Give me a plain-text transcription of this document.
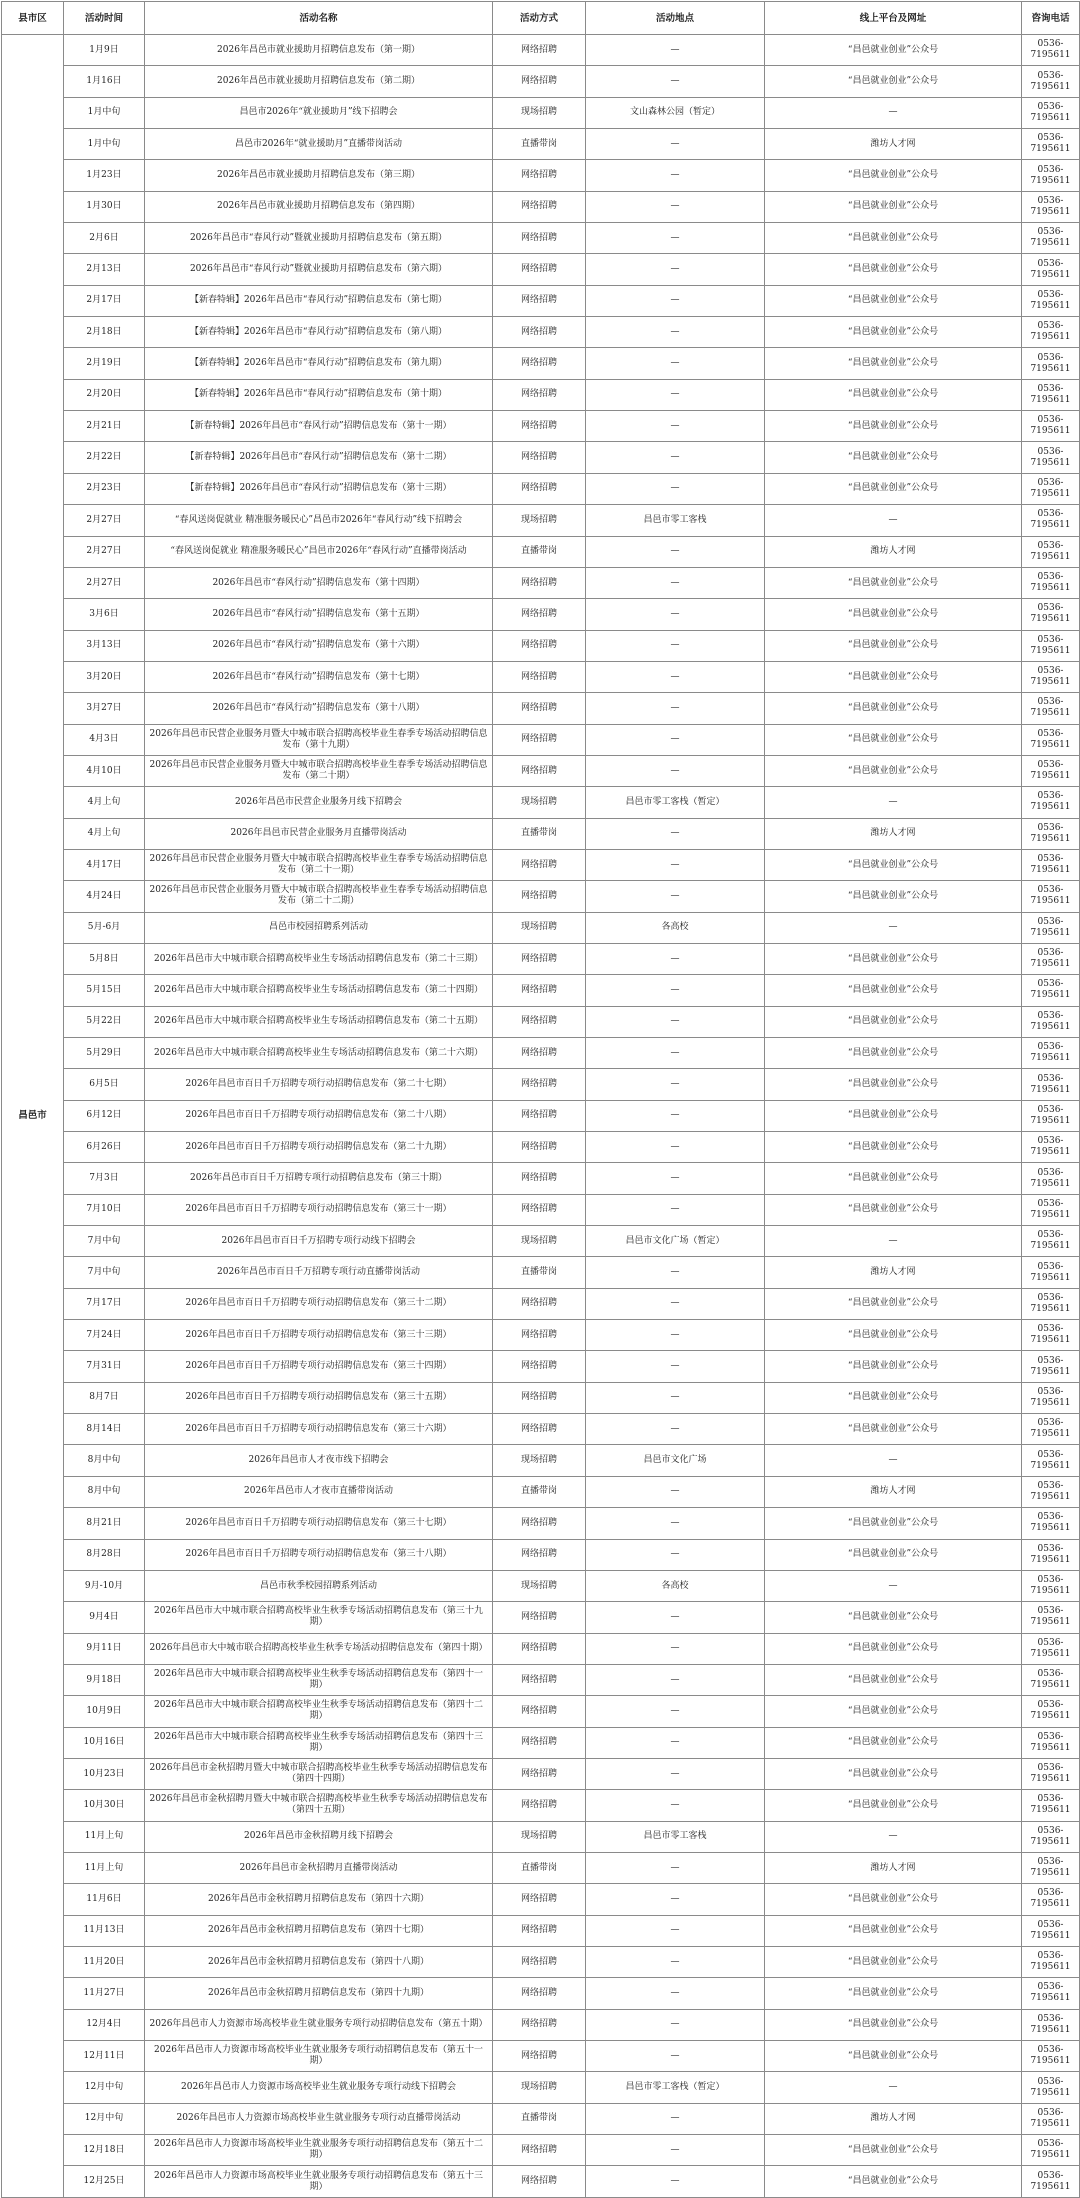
县市区	活动时间	活动名称	活动方式	活动地点	线上平台及网址	咨询电话
昌邑市	1月9日	2026年昌邑市就业援助月招聘信息发布（第一期）	网络招聘	—	“昌邑就业创业”公众号	0536-7195611
	1月16日	2026年昌邑市就业援助月招聘信息发布（第二期）	网络招聘	—	“昌邑就业创业”公众号	0536-7195611
	1月中旬	昌邑市2026年“就业援助月”线下招聘会	现场招聘	文山森林公园（暂定）	—	0536-7195611
	1月中旬	昌邑市2026年“就业援助月”直播带岗活动	直播带岗	—	潍坊人才网	0536-7195611
	1月23日	2026年昌邑市就业援助月招聘信息发布（第三期）	网络招聘	—	“昌邑就业创业”公众号	0536-7195611
	1月30日	2026年昌邑市就业援助月招聘信息发布（第四期）	网络招聘	—	“昌邑就业创业”公众号	0536-7195611
	2月6日	2026年昌邑市“春风行动”暨就业援助月招聘信息发布（第五期）	网络招聘	—	“昌邑就业创业”公众号	0536-7195611
	2月13日	2026年昌邑市“春风行动”暨就业援助月招聘信息发布（第六期）	网络招聘	—	“昌邑就业创业”公众号	0536-7195611
	2月17日	【新春特辑】2026年昌邑市“春风行动”招聘信息发布（第七期）	网络招聘	—	“昌邑就业创业”公众号	0536-7195611
	2月18日	【新春特辑】2026年昌邑市“春风行动”招聘信息发布（第八期）	网络招聘	—	“昌邑就业创业”公众号	0536-7195611
	2月19日	【新春特辑】2026年昌邑市“春风行动”招聘信息发布（第九期）	网络招聘	—	“昌邑就业创业”公众号	0536-7195611
	2月20日	【新春特辑】2026年昌邑市“春风行动”招聘信息发布（第十期）	网络招聘	—	“昌邑就业创业”公众号	0536-7195611
	2月21日	【新春特辑】2026年昌邑市“春风行动”招聘信息发布（第十一期）	网络招聘	—	“昌邑就业创业”公众号	0536-7195611
	2月22日	【新春特辑】2026年昌邑市“春风行动”招聘信息发布（第十二期）	网络招聘	—	“昌邑就业创业”公众号	0536-7195611
	2月23日	【新春特辑】2026年昌邑市“春风行动”招聘信息发布（第十三期）	网络招聘	—	“昌邑就业创业”公众号	0536-7195611
	2月27日	“春风送岗促就业 精准服务暖民心”昌邑市2026年“春风行动”线下招聘会	现场招聘	昌邑市零工客栈	—	0536-7195611
	2月27日	“春风送岗促就业 精准服务暖民心”昌邑市2026年“春风行动”直播带岗活动	直播带岗	—	潍坊人才网	0536-7195611
	2月27日	2026年昌邑市“春风行动”招聘信息发布（第十四期）	网络招聘	—	“昌邑就业创业”公众号	0536-7195611
	3月6日	2026年昌邑市“春风行动”招聘信息发布（第十五期）	网络招聘	—	“昌邑就业创业”公众号	0536-7195611
	3月13日	2026年昌邑市“春风行动”招聘信息发布（第十六期）	网络招聘	—	“昌邑就业创业”公众号	0536-7195611
	3月20日	2026年昌邑市“春风行动”招聘信息发布（第十七期）	网络招聘	—	“昌邑就业创业”公众号	0536-7195611
	3月27日	2026年昌邑市“春风行动”招聘信息发布（第十八期）	网络招聘	—	“昌邑就业创业”公众号	0536-7195611
	4月3日	2026年昌邑市民营企业服务月暨大中城市联合招聘高校毕业生春季专场活动招聘信息发布（第十九期）	网络招聘	—	“昌邑就业创业”公众号	0536-7195611
	4月10日	2026年昌邑市民营企业服务月暨大中城市联合招聘高校毕业生春季专场活动招聘信息发布（第二十期）	网络招聘	—	“昌邑就业创业”公众号	0536-7195611
	4月上旬	2026年昌邑市民营企业服务月线下招聘会	现场招聘	昌邑市零工客栈（暂定）	—	0536-7195611
	4月上旬	2026年昌邑市民营企业服务月直播带岗活动	直播带岗	—	潍坊人才网	0536-7195611
	4月17日	2026年昌邑市民营企业服务月暨大中城市联合招聘高校毕业生春季专场活动招聘信息发布（第二十一期）	网络招聘	—	“昌邑就业创业”公众号	0536-7195611
	4月24日	2026年昌邑市民营企业服务月暨大中城市联合招聘高校毕业生春季专场活动招聘信息发布（第二十二期）	网络招聘	—	“昌邑就业创业”公众号	0536-7195611
	5月-6月	昌邑市校园招聘系列活动	现场招聘	各高校	—	0536-7195611
	5月8日	2026年昌邑市大中城市联合招聘高校毕业生专场活动招聘信息发布（第二十三期）	网络招聘	—	“昌邑就业创业”公众号	0536-7195611
	5月15日	2026年昌邑市大中城市联合招聘高校毕业生专场活动招聘信息发布（第二十四期）	网络招聘	—	“昌邑就业创业”公众号	0536-7195611
	5月22日	2026年昌邑市大中城市联合招聘高校毕业生专场活动招聘信息发布（第二十五期）	网络招聘	—	“昌邑就业创业”公众号	0536-7195611
	5月29日	2026年昌邑市大中城市联合招聘高校毕业生专场活动招聘信息发布（第二十六期）	网络招聘	—	“昌邑就业创业”公众号	0536-7195611
	6月5日	2026年昌邑市百日千万招聘专项行动招聘信息发布（第二十七期）	网络招聘	—	“昌邑就业创业”公众号	0536-7195611
	6月12日	2026年昌邑市百日千万招聘专项行动招聘信息发布（第二十八期）	网络招聘	—	“昌邑就业创业”公众号	0536-7195611
	6月26日	2026年昌邑市百日千万招聘专项行动招聘信息发布（第二十九期）	网络招聘	—	“昌邑就业创业”公众号	0536-7195611
	7月3日	2026年昌邑市百日千万招聘专项行动招聘信息发布（第三十期）	网络招聘	—	“昌邑就业创业”公众号	0536-7195611
	7月10日	2026年昌邑市百日千万招聘专项行动招聘信息发布（第三十一期）	网络招聘	—	“昌邑就业创业”公众号	0536-7195611
	7月中旬	2026年昌邑市百日千万招聘专项行动线下招聘会	现场招聘	昌邑市文化广场（暂定）	—	0536-7195611
	7月中旬	2026年昌邑市百日千万招聘专项行动直播带岗活动	直播带岗	—	潍坊人才网	0536-7195611
	7月17日	2026年昌邑市百日千万招聘专项行动招聘信息发布（第三十二期）	网络招聘	—	“昌邑就业创业”公众号	0536-7195611
	7月24日	2026年昌邑市百日千万招聘专项行动招聘信息发布（第三十三期）	网络招聘	—	“昌邑就业创业”公众号	0536-7195611
	7月31日	2026年昌邑市百日千万招聘专项行动招聘信息发布（第三十四期）	网络招聘	—	“昌邑就业创业”公众号	0536-7195611
	8月7日	2026年昌邑市百日千万招聘专项行动招聘信息发布（第三十五期）	网络招聘	—	“昌邑就业创业”公众号	0536-7195611
	8月14日	2026年昌邑市百日千万招聘专项行动招聘信息发布（第三十六期）	网络招聘	—	“昌邑就业创业”公众号	0536-7195611
	8月中旬	2026年昌邑市人才夜市线下招聘会	现场招聘	昌邑市文化广场	—	0536-7195611
	8月中旬	2026年昌邑市人才夜市直播带岗活动	直播带岗	—	潍坊人才网	0536-7195611
	8月21日	2026年昌邑市百日千万招聘专项行动招聘信息发布（第三十七期）	网络招聘	—	“昌邑就业创业”公众号	0536-7195611
	8月28日	2026年昌邑市百日千万招聘专项行动招聘信息发布（第三十八期）	网络招聘	—	“昌邑就业创业”公众号	0536-7195611
	9月-10月	昌邑市秋季校园招聘系列活动	现场招聘	各高校	—	0536-7195611
	9月4日	2026年昌邑市大中城市联合招聘高校毕业生秋季专场活动招聘信息发布（第三十九期）	网络招聘	—	“昌邑就业创业”公众号	0536-7195611
	9月11日	2026年昌邑市大中城市联合招聘高校毕业生秋季专场活动招聘信息发布（第四十期）	网络招聘	—	“昌邑就业创业”公众号	0536-7195611
	9月18日	2026年昌邑市大中城市联合招聘高校毕业生秋季专场活动招聘信息发布（第四十一期）	网络招聘	—	“昌邑就业创业”公众号	0536-7195611
	10月9日	2026年昌邑市大中城市联合招聘高校毕业生秋季专场活动招聘信息发布（第四十二期）	网络招聘	—	“昌邑就业创业”公众号	0536-7195611
	10月16日	2026年昌邑市大中城市联合招聘高校毕业生秋季专场活动招聘信息发布（第四十三期）	网络招聘	—	“昌邑就业创业”公众号	0536-7195611
	10月23日	2026年昌邑市金秋招聘月暨大中城市联合招聘高校毕业生秋季专场活动招聘信息发布（第四十四期）	网络招聘	—	“昌邑就业创业”公众号	0536-7195611
	10月30日	2026年昌邑市金秋招聘月暨大中城市联合招聘高校毕业生秋季专场活动招聘信息发布（第四十五期）	网络招聘	—	“昌邑就业创业”公众号	0536-7195611
	11月上旬	2026年昌邑市金秋招聘月线下招聘会	现场招聘	昌邑市零工客栈	—	0536-7195611
	11月上旬	2026年昌邑市金秋招聘月直播带岗活动	直播带岗	—	潍坊人才网	0536-7195611
	11月6日	2026年昌邑市金秋招聘月招聘信息发布（第四十六期）	网络招聘	—	“昌邑就业创业”公众号	0536-7195611
	11月13日	2026年昌邑市金秋招聘月招聘信息发布（第四十七期）	网络招聘	—	“昌邑就业创业”公众号	0536-7195611
	11月20日	2026年昌邑市金秋招聘月招聘信息发布（第四十八期）	网络招聘	—	“昌邑就业创业”公众号	0536-7195611
	11月27日	2026年昌邑市金秋招聘月招聘信息发布（第四十九期）	网络招聘	—	“昌邑就业创业”公众号	0536-7195611
	12月4日	2026年昌邑市人力资源市场高校毕业生就业服务专项行动招聘信息发布（第五十期）	网络招聘	—	“昌邑就业创业”公众号	0536-7195611
	12月11日	2026年昌邑市人力资源市场高校毕业生就业服务专项行动招聘信息发布（第五十一期）	网络招聘	—	“昌邑就业创业”公众号	0536-7195611
	12月中旬	2026年昌邑市人力资源市场高校毕业生就业服务专项行动线下招聘会	现场招聘	昌邑市零工客栈（暂定）	—	0536-7195611
	12月中旬	2026年昌邑市人力资源市场高校毕业生就业服务专项行动直播带岗活动	直播带岗	—	潍坊人才网	0536-7195611
	12月18日	2026年昌邑市人力资源市场高校毕业生就业服务专项行动招聘信息发布（第五十二期）	网络招聘	—	“昌邑就业创业”公众号	0536-7195611
	12月25日	2026年昌邑市人力资源市场高校毕业生就业服务专项行动招聘信息发布（第五十三期）	网络招聘	—	“昌邑就业创业”公众号	0536-7195611
